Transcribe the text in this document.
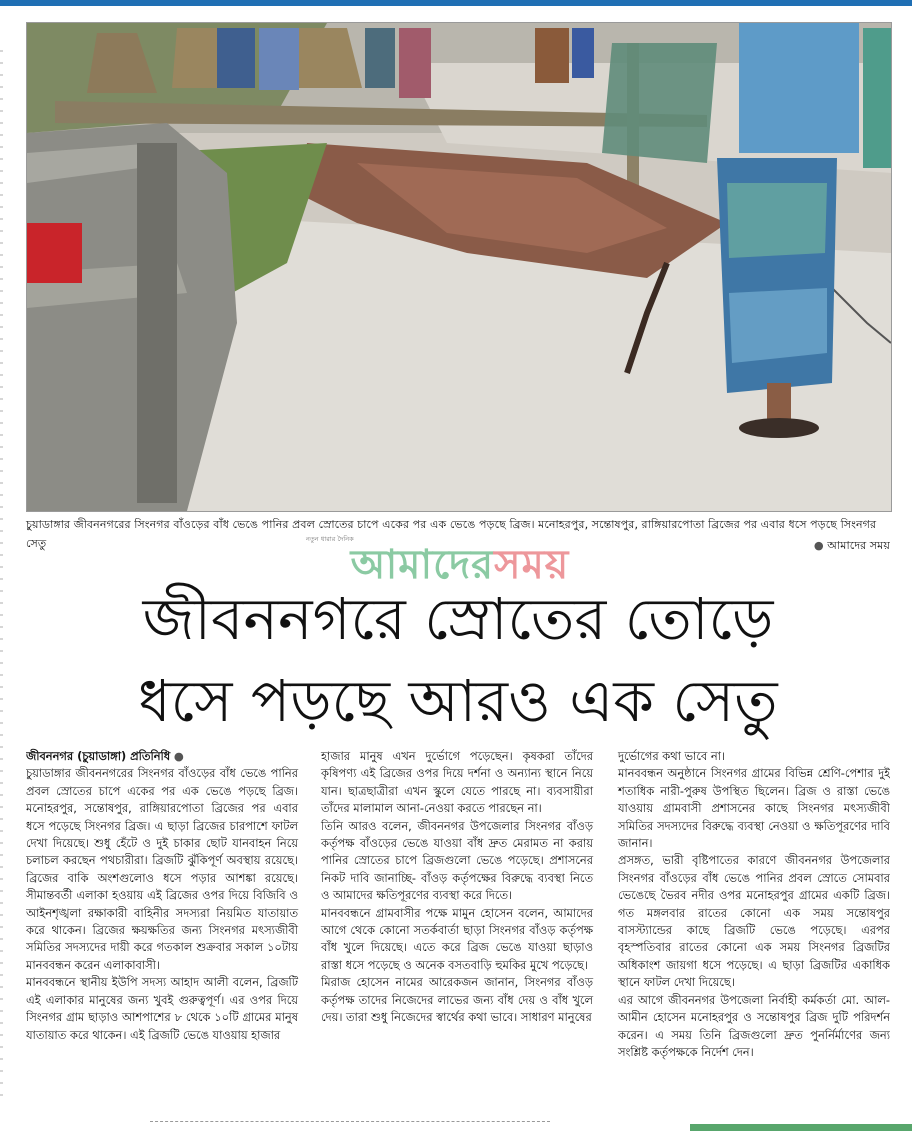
চুয়াডাঙ্গার জীবননগরের সিংনগর বাঁওড়ের বাঁধ ভেঙে পানির প্রবল স্রোতের চাপে একের পর এক ভেঙে পড়ছে ব্রিজ। মনোহরপুর, সন্তোষপুর, রাঙ্গিয়ারপোতা ব্রিজের পর এবার ধসে পড়ছে সিংনগর সেতু	নতুন ধারার দৈনিক	● আমাদের সময়
আমাদেরসময়
জীবননগরে স্রোতের তোড়ে
ধসে পড়ছে আরও এক সেতু

জীবননগর (চুয়াডাঙ্গা) প্রতিনিধি ●

চুয়াডাঙ্গার জীবননগরের সিংনগর বাঁওড়ের বাঁধ ভেঙে পানির প্রবল স্রোতের চাপে একের পর এক ভেঙে পড়ছে ব্রিজ। মনোহরপুর, সন্তোষপুর, রাঙ্গিয়ারপোতা ব্রিজের পর এবার ধসে পড়েছে সিংনগর ব্রিজ। এ ছাড়া ব্রিজের চারপাশে ফাটল দেখা দিয়েছে। শুধু হেঁটে ও দুই চাকার ছোট যানবাহন নিয়ে চলাচল করছেন পথচারীরা। ব্রিজটি ঝুঁকিপূর্ণ অবস্থায় রয়েছে। ব্রিজের বাকি অংশগুলোও ধসে পড়ার আশঙ্কা রয়েছে। সীমান্তবর্তী এলাকা হওয়ায় এই ব্রিজের ওপর দিয়ে বিজিবি ও আইনশৃঙ্খলা রক্ষাকারী বাহিনীর সদস্যরা নিয়মিত যাতায়াত করে থাকেন। ব্রিজের ক্ষয়ক্ষতির জন্য সিংনগর মৎস্যজীবী সমিতির সদস্যদের দায়ী করে গতকাল শুক্রবার সকাল ১০টায় মানববন্ধন করেন এলাকাবাসী।

মানববন্ধনে স্থানীয় ইউপি সদস্য আহাদ আলী বলেন, ব্রিজটি এই এলাকার মানুষের জন্য খুবই গুরুত্বপূর্ণ। এর ওপর দিয়ে সিংনগর গ্রাম ছাড়াও আশপাশের ৮ থেকে ১০টি গ্রামের মানুষ যাতায়াত করে থাকেন। এই ব্রিজটি ভেঙে যাওয়ায় হাজার

হাজার মানুষ এখন দুর্ভোগে পড়েছেন। কৃষকরা তাঁদের কৃষিপণ্য এই ব্রিজের ওপর দিয়ে দর্শনা ও অন্যান্য স্থানে নিয়ে যান। ছাত্রছাত্রীরা এখন স্কুলে যেতে পারছে না। ব্যবসায়ীরা তাঁদের মালামাল আনা-নেওয়া করতে পারছেন না।

তিনি আরও বলেন, জীবননগর উপজেলার সিংনগর বাঁওড় কর্তৃপক্ষ বাঁওড়ের ভেঙে যাওয়া বাঁধ দ্রুত মেরামত না করায় পানির স্রোতের চাপে ব্রিজগুলো ভেঙে পড়েছে। প্রশাসনের নিকট দাবি জানাচ্ছি- বাঁওড় কর্তৃপক্ষের বিরুদ্ধে ব্যবস্থা নিতে ও আমাদের ক্ষতিপূরণের ব্যবস্থা করে দিতে।

মানববন্ধনে গ্রামবাসীর পক্ষে মামুন হোসেন বলেন, আমাদের আগে থেকে কোনো সতর্কবার্তা ছাড়া সিংনগর বাঁওড় কর্তৃপক্ষ বাঁধ খুলে দিয়েছে। এতে করে ব্রিজ ভেঙে যাওয়া ছাড়াও রাস্তা ধসে পড়েছে ও অনেক বসতবাড়ি হুমকির মুখে পড়েছে।

মিরাজ হোসেন নামের আরেকজন জানান, সিংনগর বাঁওড় কর্তৃপক্ষ তাদের নিজেদের লাভের জন্য বাঁধ দেয় ও বাঁধ খুলে দেয়। তারা শুধু নিজেদের স্বার্থের কথা ভাবে। সাধারণ মানুষের

দুর্ভোগের কথা ভাবে না।

মানববন্ধন অনুষ্ঠানে সিংনগর গ্রামের বিভিন্ন শ্রেণি-পেশার দুই শতাধিক নারী-পুরুষ উপস্থিত ছিলেন। ব্রিজ ও রাস্তা ভেঙে যাওয়ায় গ্রামবাসী প্রশাসনের কাছে সিংনগর মৎস্যজীবী সমিতির সদস্যদের বিরুদ্ধে ব্যবস্থা নেওয়া ও ক্ষতিপূরণের দাবি জানান।

প্রসঙ্গত, ভারী বৃষ্টিপাতের কারণে জীবননগর উপজেলার সিংনগর বাঁওড়ের বাঁধ ভেঙে পানির প্রবল স্রোতে সোমবার ভেঙেছে ভৈরব নদীর ওপর মনোহরপুর গ্রামের একটি ব্রিজ। গত মঙ্গলবার রাতের কোনো এক সময় সন্তোষপুর বাসস্ট্যান্ডের কাছে ব্রিজটি ভেঙে পড়েছে। এরপর বৃহস্পতিবার রাতের কোনো এক সময় সিংনগর ব্রিজটির অধিকাংশ জায়গা ধসে পড়েছে। এ ছাড়া ব্রিজটির একাধিক স্থানে ফাটল দেখা দিয়েছে।

এর আগে জীবননগর উপজেলা নির্বাহী কর্মকর্তা মো. আল-আমীন হোসেন মনোহরপুর ও সন্তোষপুর ব্রিজ দুটি পরিদর্শন করেন। এ সময় তিনি ব্রিজগুলো দ্রুত পুনর্নির্মাণের জন্য সংশ্লিষ্ট কর্তৃপক্ষকে নির্দেশ দেন।
